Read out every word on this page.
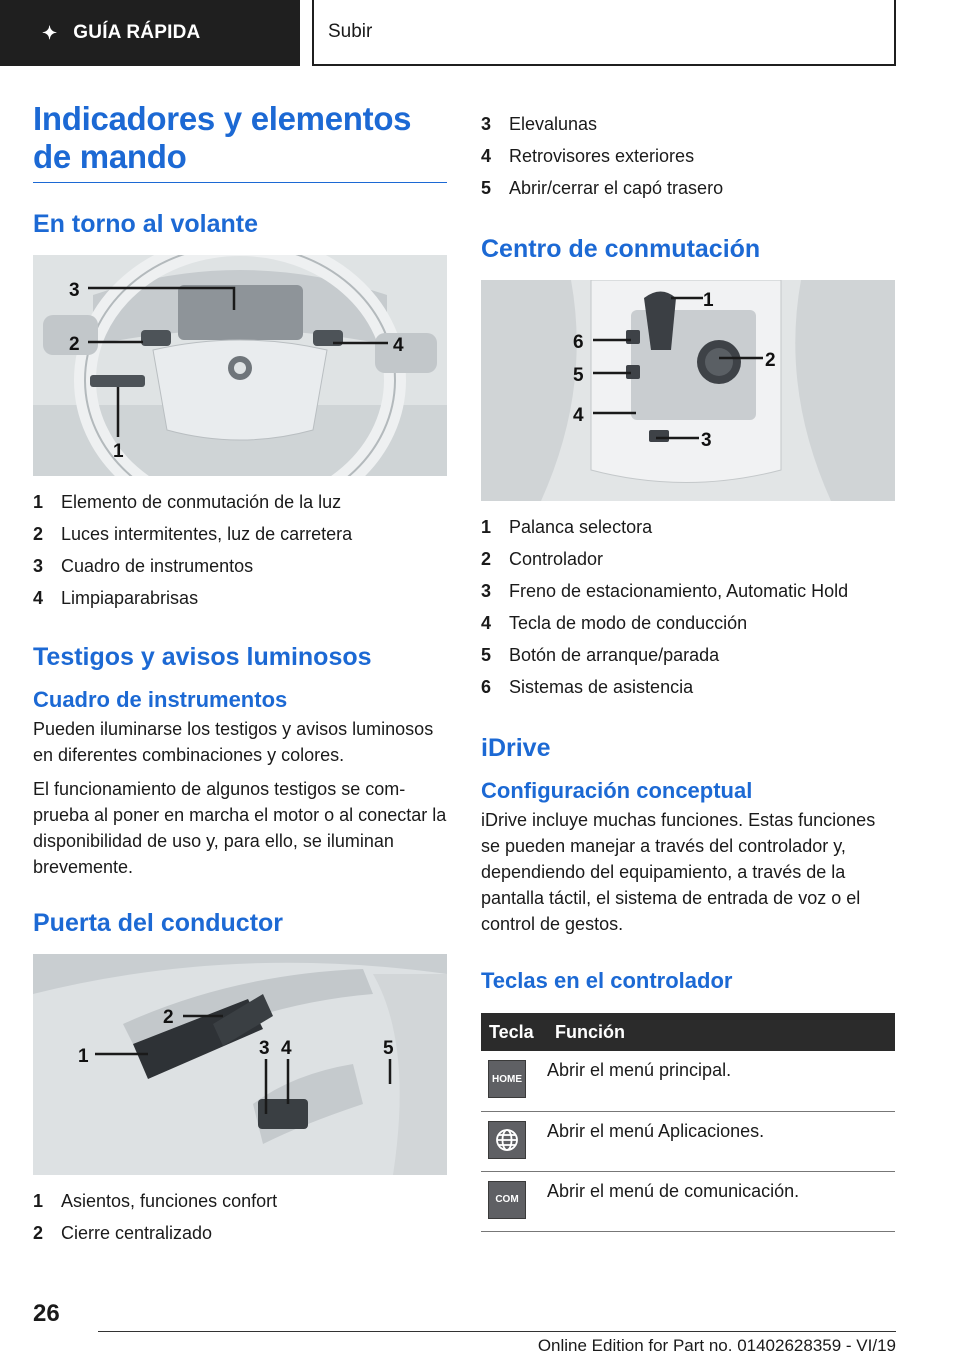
✦ GUÍA RÁPIDA	Subir
Indicadores y elementos de mando
En torno al volante
3
2	4
1
1 Elemento de conmutación de la luz
2 Luces intermitentes, luz de carretera
3 Cuadro de instrumentos
4 Limpiaparabrisas
Testigos y avisos luminosos
Cuadro de instrumentos

Pueden iluminarse los testigos y avisos luminosos en diferentes combinaciones y colores.

El funcionamiento de algunos testigos se comprueba al poner en marcha el motor o al conectar la disponibilidad de uso y, para ello, se iluminan brevemente.

Puerta del conductor
2
1	3 4	5
1 Asientos, funciones confort
2 Cierre centralizado
3 Elevalunas
4 Retrovisores exteriores
5 Abrir/cerrar el capó trasero
Centro de conmutación
1
6
2
5
4
3
1 Palanca selectora
2 Controlador
3 Freno de estacionamiento, Automatic Hold
4 Tecla de modo de conducción
5 Botón de arranque/parada
6 Sistemas de asistencia
iDrive
Configuración conceptual

iDrive incluye muchas funciones. Estas funciones se pueden manejar a través del controlador y, dependiendo del equipamiento, a través de la pantalla táctil, el sistema de entrada de voz o el control de gestos.

Teclas en el controlador
Tecla	Función

HOME	Abrir el menú principal.

	Abrir el menú Aplicaciones.

COM	Abrir el menú de comunicación.
26
Online Edition for Part no. 01402628359 - VI/19
